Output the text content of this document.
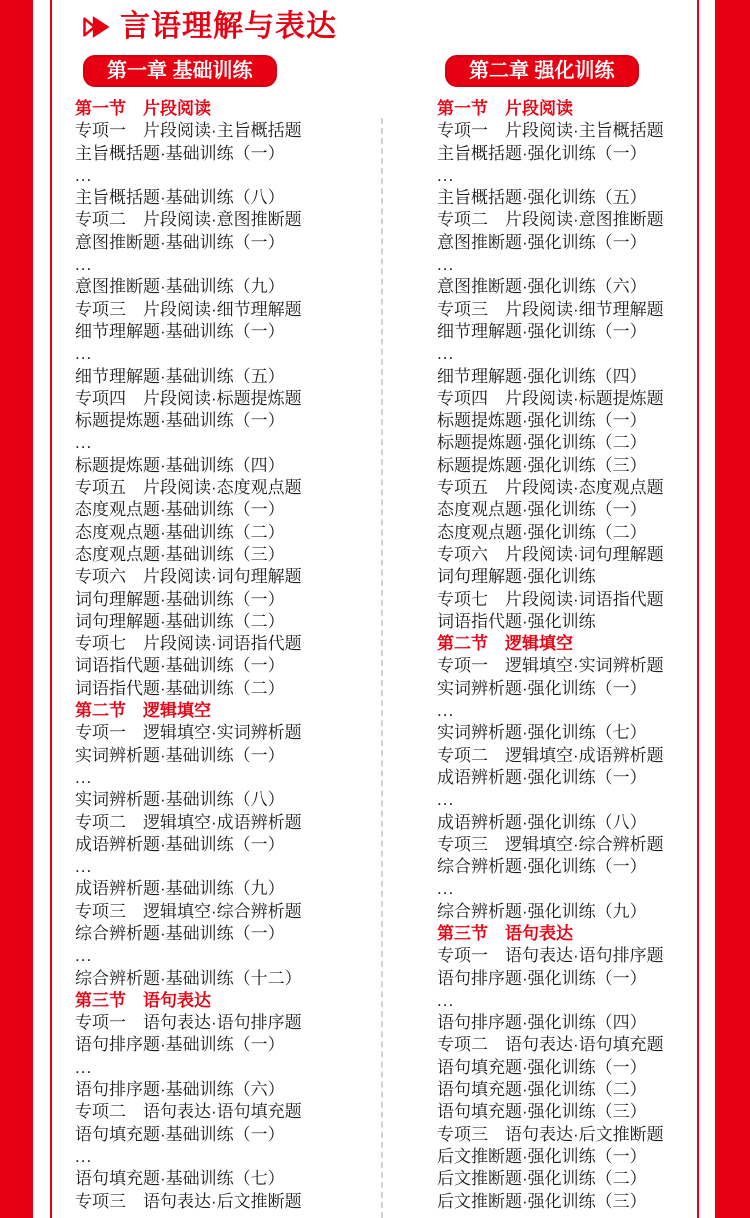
言语理解与表达
第一章 基础训练
第一节　片段阅读
专项一　片段阅读·主旨概括题
主旨概括题·基础训练（一）
...
主旨概括题·基础训练（八）
专项二　片段阅读·意图推断题
意图推断题·基础训练（一）
...
意图推断题·基础训练（九）
专项三　片段阅读·细节理解题
细节理解题·基础训练（一）
...
细节理解题·基础训练（五）
专项四　片段阅读·标题提炼题
标题提炼题·基础训练（一）
...
标题提炼题·基础训练（四）
专项五　片段阅读·态度观点题
态度观点题·基础训练（一）
态度观点题·基础训练（二）
态度观点题·基础训练（三）
专项六　片段阅读·词句理解题
词句理解题·基础训练（一）
词句理解题·基础训练（二）
专项七　片段阅读·词语指代题
词语指代题·基础训练（一）
词语指代题·基础训练（二）
第二节　逻辑填空
专项一　逻辑填空·实词辨析题
实词辨析题·基础训练（一）
...
实词辨析题·基础训练（八）
专项二　逻辑填空·成语辨析题
成语辨析题·基础训练（一）
...
成语辨析题·基础训练（九）
专项三　逻辑填空·综合辨析题
综合辨析题·基础训练（一）
...
综合辨析题·基础训练（十二）
第三节　语句表达
专项一　语句表达·语句排序题
语句排序题·基础训练（一）
...
语句排序题·基础训练（六）
专项二　语句表达·语句填充题
语句填充题·基础训练（一）
...
语句填充题·基础训练（七）
专项三　语句表达·后文推断题
第二章 强化训练
第一节　片段阅读
专项一　片段阅读·主旨概括题
主旨概括题·强化训练（一）
...
主旨概括题·强化训练（五）
专项二　片段阅读·意图推断题
意图推断题·强化训练（一）
...
意图推断题·强化训练（六）
专项三　片段阅读·细节理解题
细节理解题·强化训练（一）
...
细节理解题·强化训练（四）
专项四　片段阅读·标题提炼题
标题提炼题·强化训练（一）
标题提炼题·强化训练（二）
标题提炼题·强化训练（三）
专项五　片段阅读·态度观点题
态度观点题·强化训练（一）
态度观点题·强化训练（二）
专项六　片段阅读·词句理解题
词句理解题·强化训练
专项七　片段阅读·词语指代题
词语指代题·强化训练
第二节　逻辑填空
专项一　逻辑填空·实词辨析题
实词辨析题·强化训练（一）
...
实词辨析题·强化训练（七）
专项二　逻辑填空·成语辨析题
成语辨析题·强化训练（一）
...
成语辨析题·强化训练（八）
专项三　逻辑填空·综合辨析题
综合辨析题·强化训练（一）
...
综合辨析题·强化训练（九）
第三节　语句表达
专项一　语句表达·语句排序题
语句排序题·强化训练（一）
...
语句排序题·强化训练（四）
专项二　语句表达·语句填充题
语句填充题·强化训练（一）
语句填充题·强化训练（二）
语句填充题·强化训练（三）
专项三　语句表达·后文推断题
后文推断题·强化训练（一）
后文推断题·强化训练（二）
后文推断题·强化训练（三）
